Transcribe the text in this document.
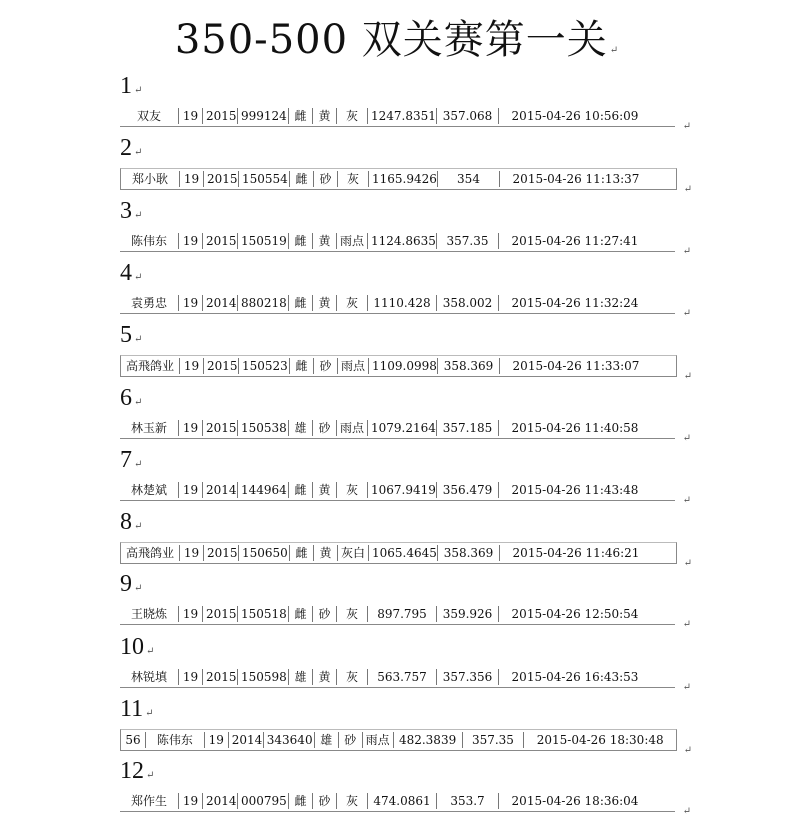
350-500 双关赛第一关 ↵
1 ↵
双友	19 2015 999124 雌 黄	灰	1247.8351 357.068	2015-04-26 10:56:09
↵
2 ↵
郑小耿	19 2015 150554 雌 砂	灰	1165.9426	354	2015-04-26 11:13:37
↵
3 ↵
陈伟东	19 2015 150519 雌 黄 雨点 1124.8635 357.35	2015-04-26 11:27:41
↵
4 ↵
袁勇忠	19 2014 880218 雌 黄	灰	1110.428	358.002	2015-04-26 11:32:24
↵
5 ↵
高飛鸽业 19 2015 150523 雌 砂 雨点 1109.0998 358.369	2015-04-26 11:33:07
↵
6 ↵
林玉新	19 2015 150538 雄 砂 雨点 1079.2164 357.185	2015-04-26 11:40:58
↵
7 ↵
林楚斌	19 2014 144964 雌 黄	灰	1067.9419 356.479	2015-04-26 11:43:48
↵
8 ↵
高飛鸽业 19 2015 150650 雌 黄 灰白 1065.4645 358.369	2015-04-26 11:46:21
↵
9 ↵
王晓炼	19 2015 150518 雌 砂	灰	897.795	359.926	2015-04-26 12:50:54
↵
10 ↵
林锐填	19 2015 150598 雄 黄	灰	563.757	357.356	2015-04-26 16:43:53
↵
11 ↵
56	陈伟东	19 2014 343640 雄 砂 雨点 482.3839	357.35	2015-04-26 18:30:48
↵
12 ↵
郑作生	19 2014 000795 雌 砂	灰	474.0861	353.7	2015-04-26 18:36:04
↵
